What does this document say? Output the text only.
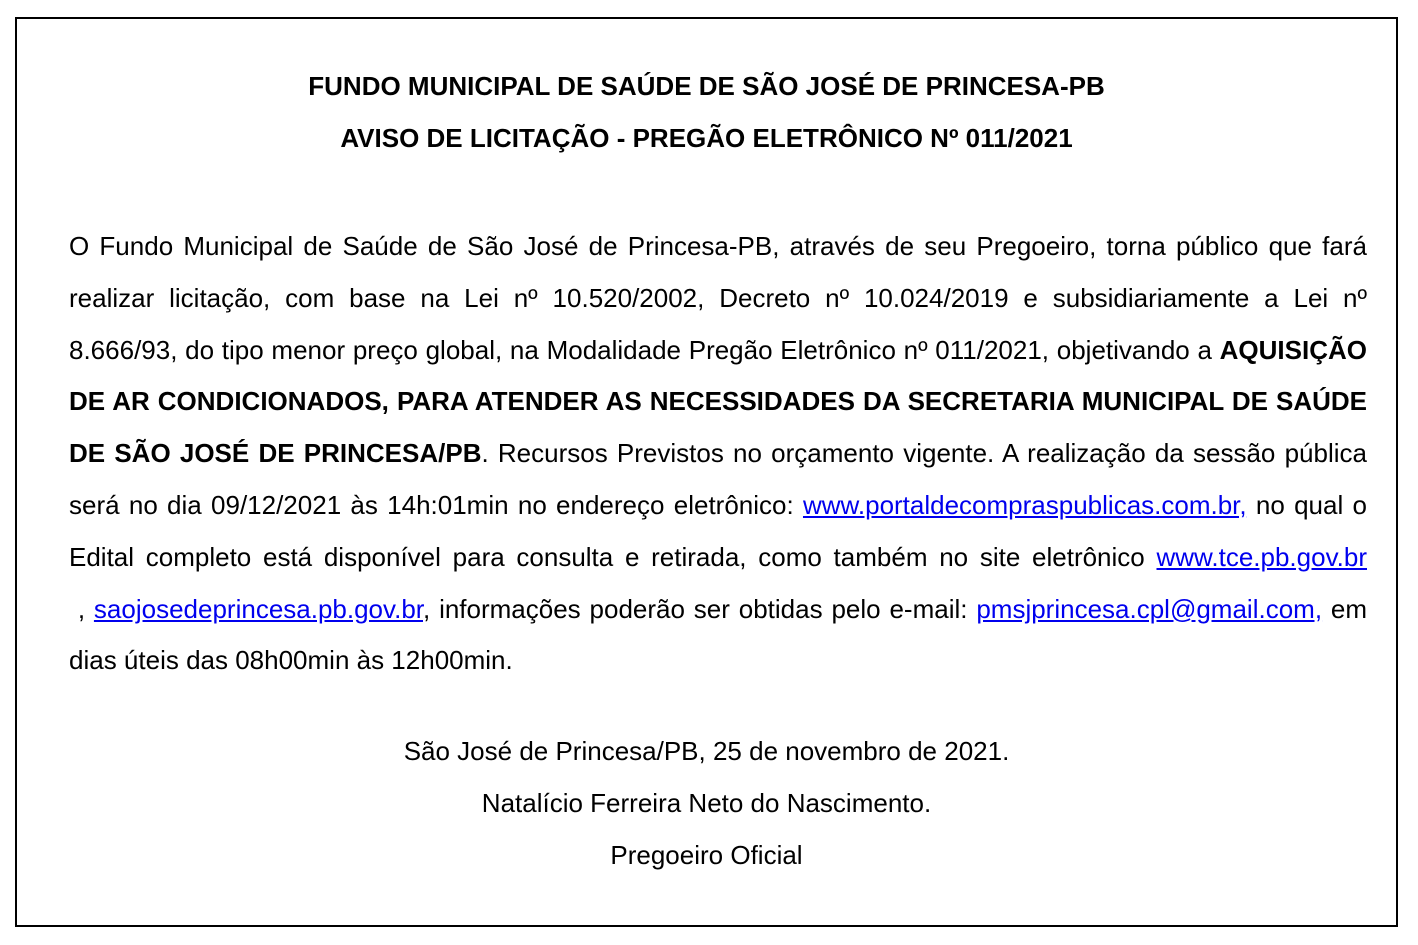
FUNDO MUNICIPAL DE SAÚDE DE SÃO JOSÉ DE PRINCESA-PB
AVISO DE LICITAÇÃO - PREGÃO ELETRÔNICO Nº 011/2021
O Fundo Municipal de Saúde de São José de Princesa-PB, através de seu Pregoeiro, torna público que fará realizar licitação, com base na Lei nº 10.520/2002, Decreto nº 10.024/2019 e subsidiariamente a Lei nº 8.666/93, do tipo menor preço global, na Modalidade Pregão Eletrônico nº 011/2021, objetivando a AQUISIÇÃO DE AR CONDICIONADOS, PARA ATENDER AS NECESSIDADES DA SECRETARIA MUNICIPAL DE SAÚDE DE SÃO JOSÉ DE PRINCESA/PB. Recursos Previstos no orçamento vigente. A realização da sessão pública será no dia 09/12/2021 às 14h:01min no endereço eletrônico: www.portaldecompraspublicas.com.br, no qual o Edital completo está disponível para consulta e retirada, como também no site eletrônico www.tce.pb.gov.br , saojosedeprincesa.pb.gov.br, informações poderão ser obtidas pelo e-mail: pmsjprincesa.cpl@gmail.com, em dias úteis das 08h00min às 12h00min.
São José de Princesa/PB, 25 de novembro de 2021.
Natalício Ferreira Neto do Nascimento.
Pregoeiro Oficial
